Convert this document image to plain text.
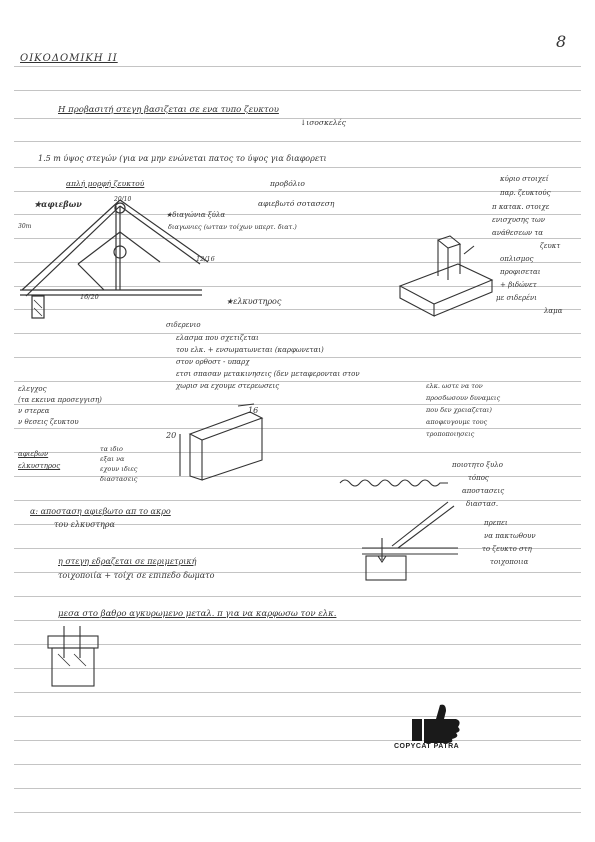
ΟΙΚΟΔΟΜΙΚΗ ΙΙ
8
Η προβασιτή στεγη βασιζεται σε ενα τυπο ζευκτου
↓ισοσκελές
1.5 m ύψος στεγών (για να μην ενώνεται πατος το ύψος για διαφορετι
απλή μορφή ζευκτού	προβόλιο	κύριο στοιχεί
παρ. ζευκτούς
★αφιεβων	αφιεβωτό σοτασεση	π κατακ. στοιχε
ενισχυσης των
ανάθεσεων τα
ζευκτ
οπλισμος
προφισεται
+ βιδώνετ
με σιδερένι
λαμα
20/10
12/16
16/20
30m
★διαγώνια ξύλα
διαγωνιες (ωτταν τοίχων υπερτ. διατ.)
★ελκυστηρος
σιδερενιο
ελασμα που σχετιζεται
του ελκ. + ενσωματωνεται (καρφωνεται)
στον ορθοστ - υπαρχ
ετσι σπασαν μετακινησεις (δεν μεταφερονται στον
χωρισ να εχουμε στερεωσεις	ελκ. ωστε να τον
προσδωσουν δυναμεις
που δεν χρειαζεται)
αποφευγουμε τους
τροποποιησεις
ελεγχος
(τα εκεινα προσεγγιση)
ν στερεα
ν θεσεις ζευκτου
20
16
αφιεβων
ελκυστηρος
τα ιδιο
εξαι να
εχουν ιδιες
διαστασεις
ποιοτητο ξυλο
τόπος
αποστασεις
διαστασ.
α: αποσταση αφιεβωτο απ το ακρο
του ελκυστηρα	πρεπει
να πακτωθουν
το ζευκτο στη
τοιχοποιια
η στεγη εδραζεται σε περιμετρική
τοιχοποιία + τοίχι σε επιπεδο δωματο
μεσα στο βαθρο αγκυρωμενο μεταλ. π για να καρφωσω τον ελκ.
COPYCAT PATRA
